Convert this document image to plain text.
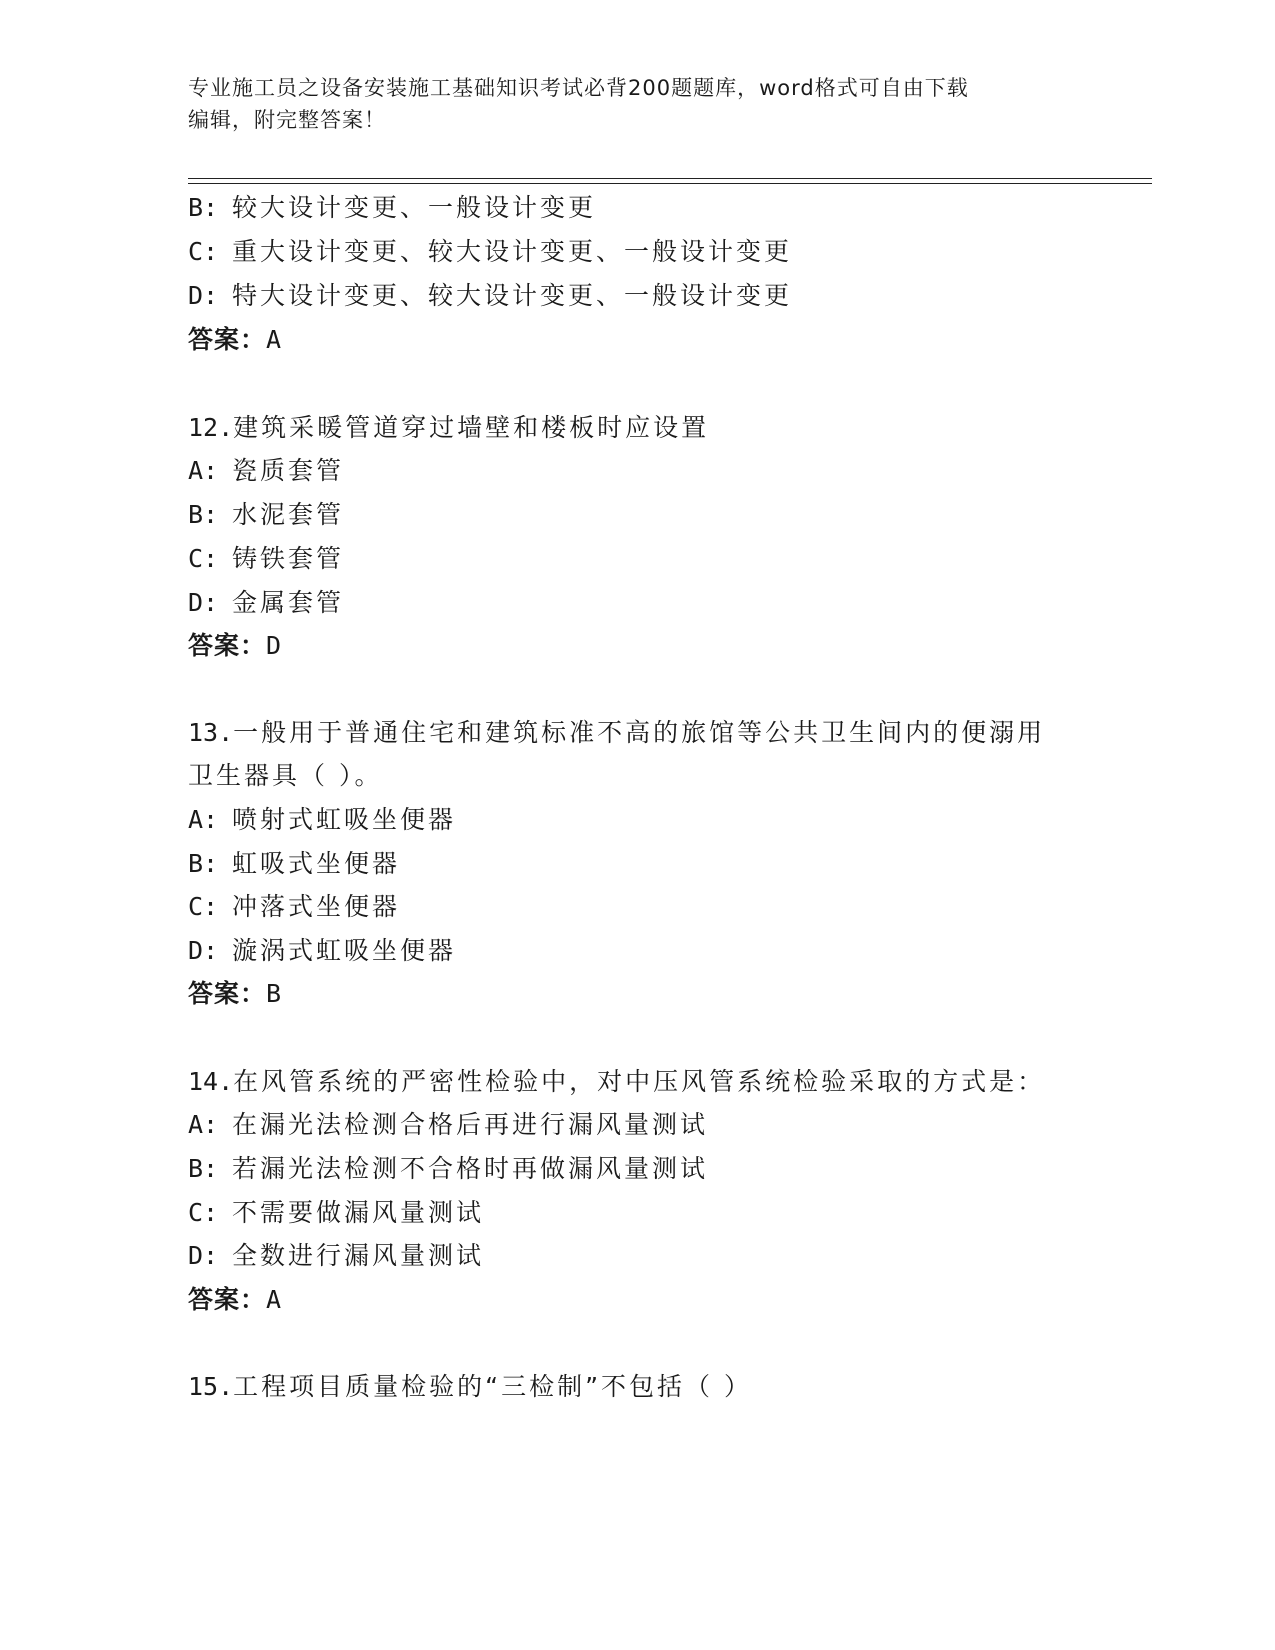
专业施工员之设备安装施工基础知识考试必背200题题库，word格式可自由下载
编辑，附完整答案！
B: 较大设计变更、一般设计变更
C: 重大设计变更、较大设计变更、一般设计变更
D: 特大设计变更、较大设计变更、一般设计变更
答案：A
12.建筑采暖管道穿过墙壁和楼板时应设置
A: 瓷质套管
B: 水泥套管
C: 铸铁套管
D: 金属套管
答案：D
13.一般用于普通住宅和建筑标准不高的旅馆等公共卫生间内的便溺用
卫生器具（ ）。
A: 喷射式虹吸坐便器
B: 虹吸式坐便器
C: 冲落式坐便器
D: 漩涡式虹吸坐便器
答案：B
14.在风管系统的严密性检验中，对中压风管系统检验采取的方式是：
A: 在漏光法检测合格后再进行漏风量测试
B: 若漏光法检测不合格时再做漏风量测试
C: 不需要做漏风量测试
D: 全数进行漏风量测试
答案：A
15.工程项目质量检验的“三检制”不包括（ ）
